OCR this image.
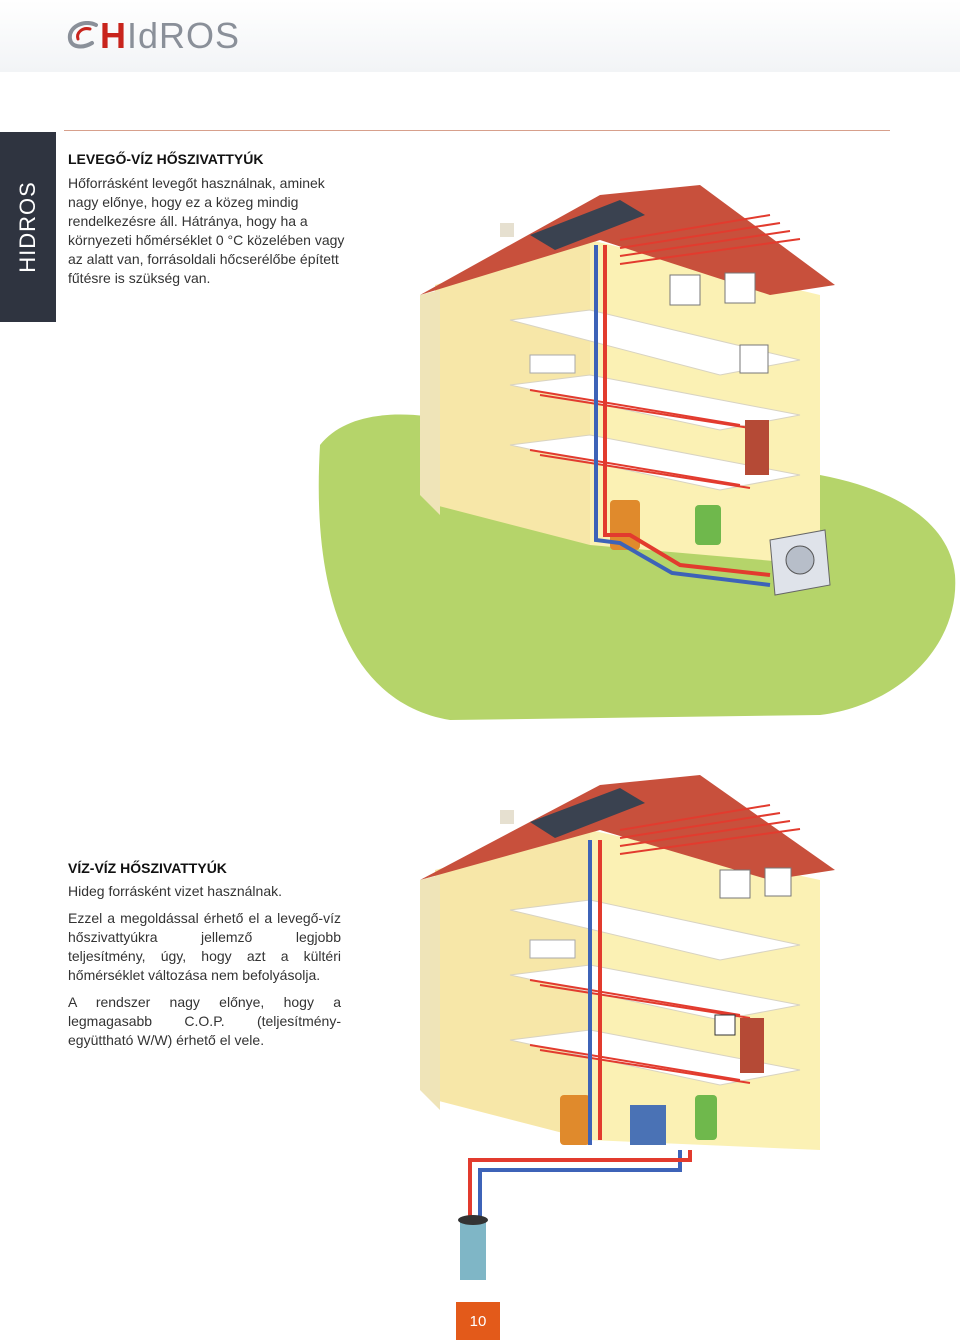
HIdROS
HIDROS
LEVEGŐ-VÍZ HŐSZIVATTYÚK

Hőforrásként levegőt használnak, aminek nagy előnye, hogy ez a közeg mindig rendelkezésre áll. Hátránya, hogy ha a környezeti hőmérséklet 0 °C közelében vagy az alatt van, forrásoldali hőcserélőbe épített fűtésre is szükség van.

VÍZ-VÍZ HŐSZIVATTYÚK

Hideg forrásként vizet használnak.

Ezzel a megoldással érhető el a levegő-víz hőszivattyúkra jellemző legjobb teljesítmény, úgy, hogy azt a kültéri hőmérséklet változása nem befolyásolja.

A rendszer nagy előnye, hogy a legmagasabb C.O.P. (teljesítmény-együttható W/W) érhető el vele.

10
